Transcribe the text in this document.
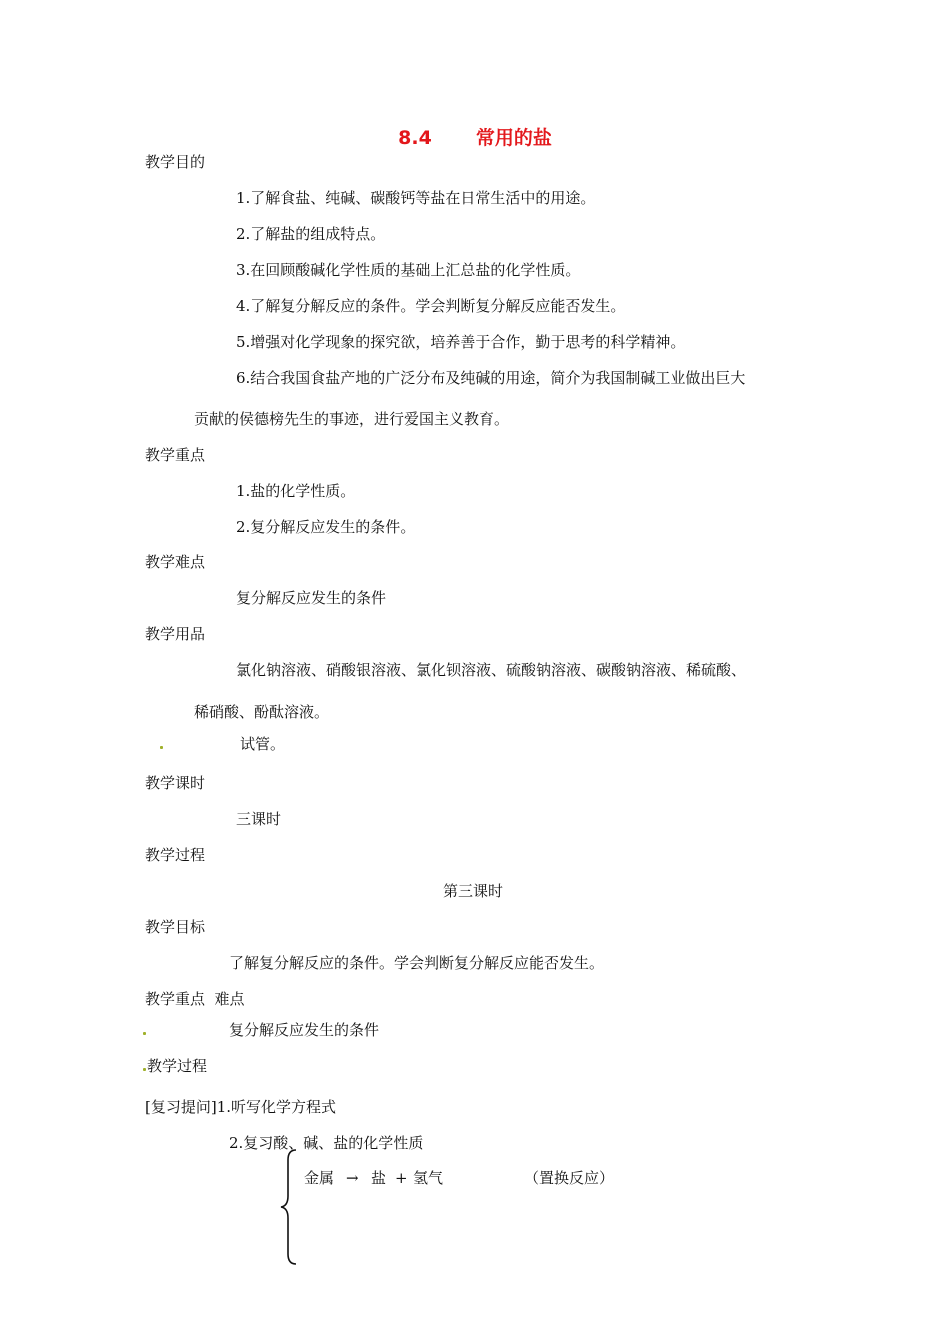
8.4 常用的盐
教学目的
1.了解食盐、纯碱、碳酸钙等盐在日常生活中的用途。
2.了解盐的组成特点。
3.在回顾酸碱化学性质的基础上汇总盐的化学性质。
4.了解复分解反应的条件。学会判断复分解反应能否发生。
5.增强对化学现象的探究欲，培养善于合作，勤于思考的科学精神。
6.结合我国食盐产地的广泛分布及纯碱的用途，简介为我国制碱工业做出巨大
贡献的侯德榜先生的事迹，进行爱国主义教育。
教学重点
1.盐的化学性质。
2.复分解反应发生的条件。
教学难点
复分解反应发生的条件
教学用品
氯化钠溶液、硝酸银溶液、氯化钡溶液、硫酸钠溶液、碳酸钠溶液、稀硫酸、
稀硝酸、酚酞溶液。
试管。
教学课时
三课时
教学过程
第三课时
教学目标
了解复分解反应的条件。学会判断复分解反应能否发生。
教学重点  难点
复分解反应发生的条件
教学过程
[复习提问]1.听写化学方程式
2.复习酸、碱、盐的化学性质
金属 → 盐 + 氢气	（置换反应）
